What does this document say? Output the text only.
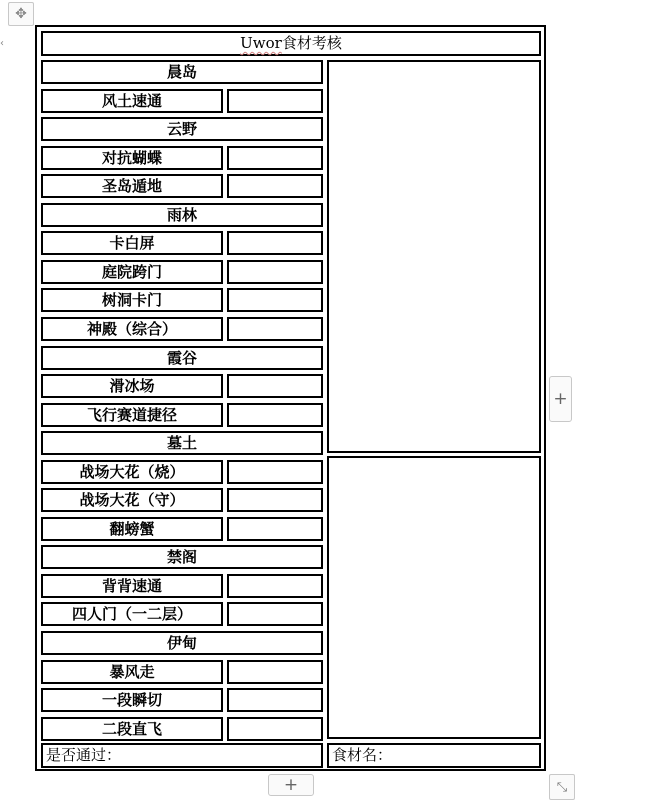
✥
‹	Uwor 食材考核
晨岛
风土速通
云野
对抗蝴蝶
圣岛遁地
雨林
卡白屏
庭院跨门
树洞卡门
神殿（综合）
霞谷
滑冰场
飞行赛道捷径
墓土
战场大花（烧）
战场大花（守）
翻螃蟹
禁阁
背背速通
四人门（一二层）
伊甸
暴风走
一段瞬切
二段直飞
是否通过：	食材名：
+
+	⤡
